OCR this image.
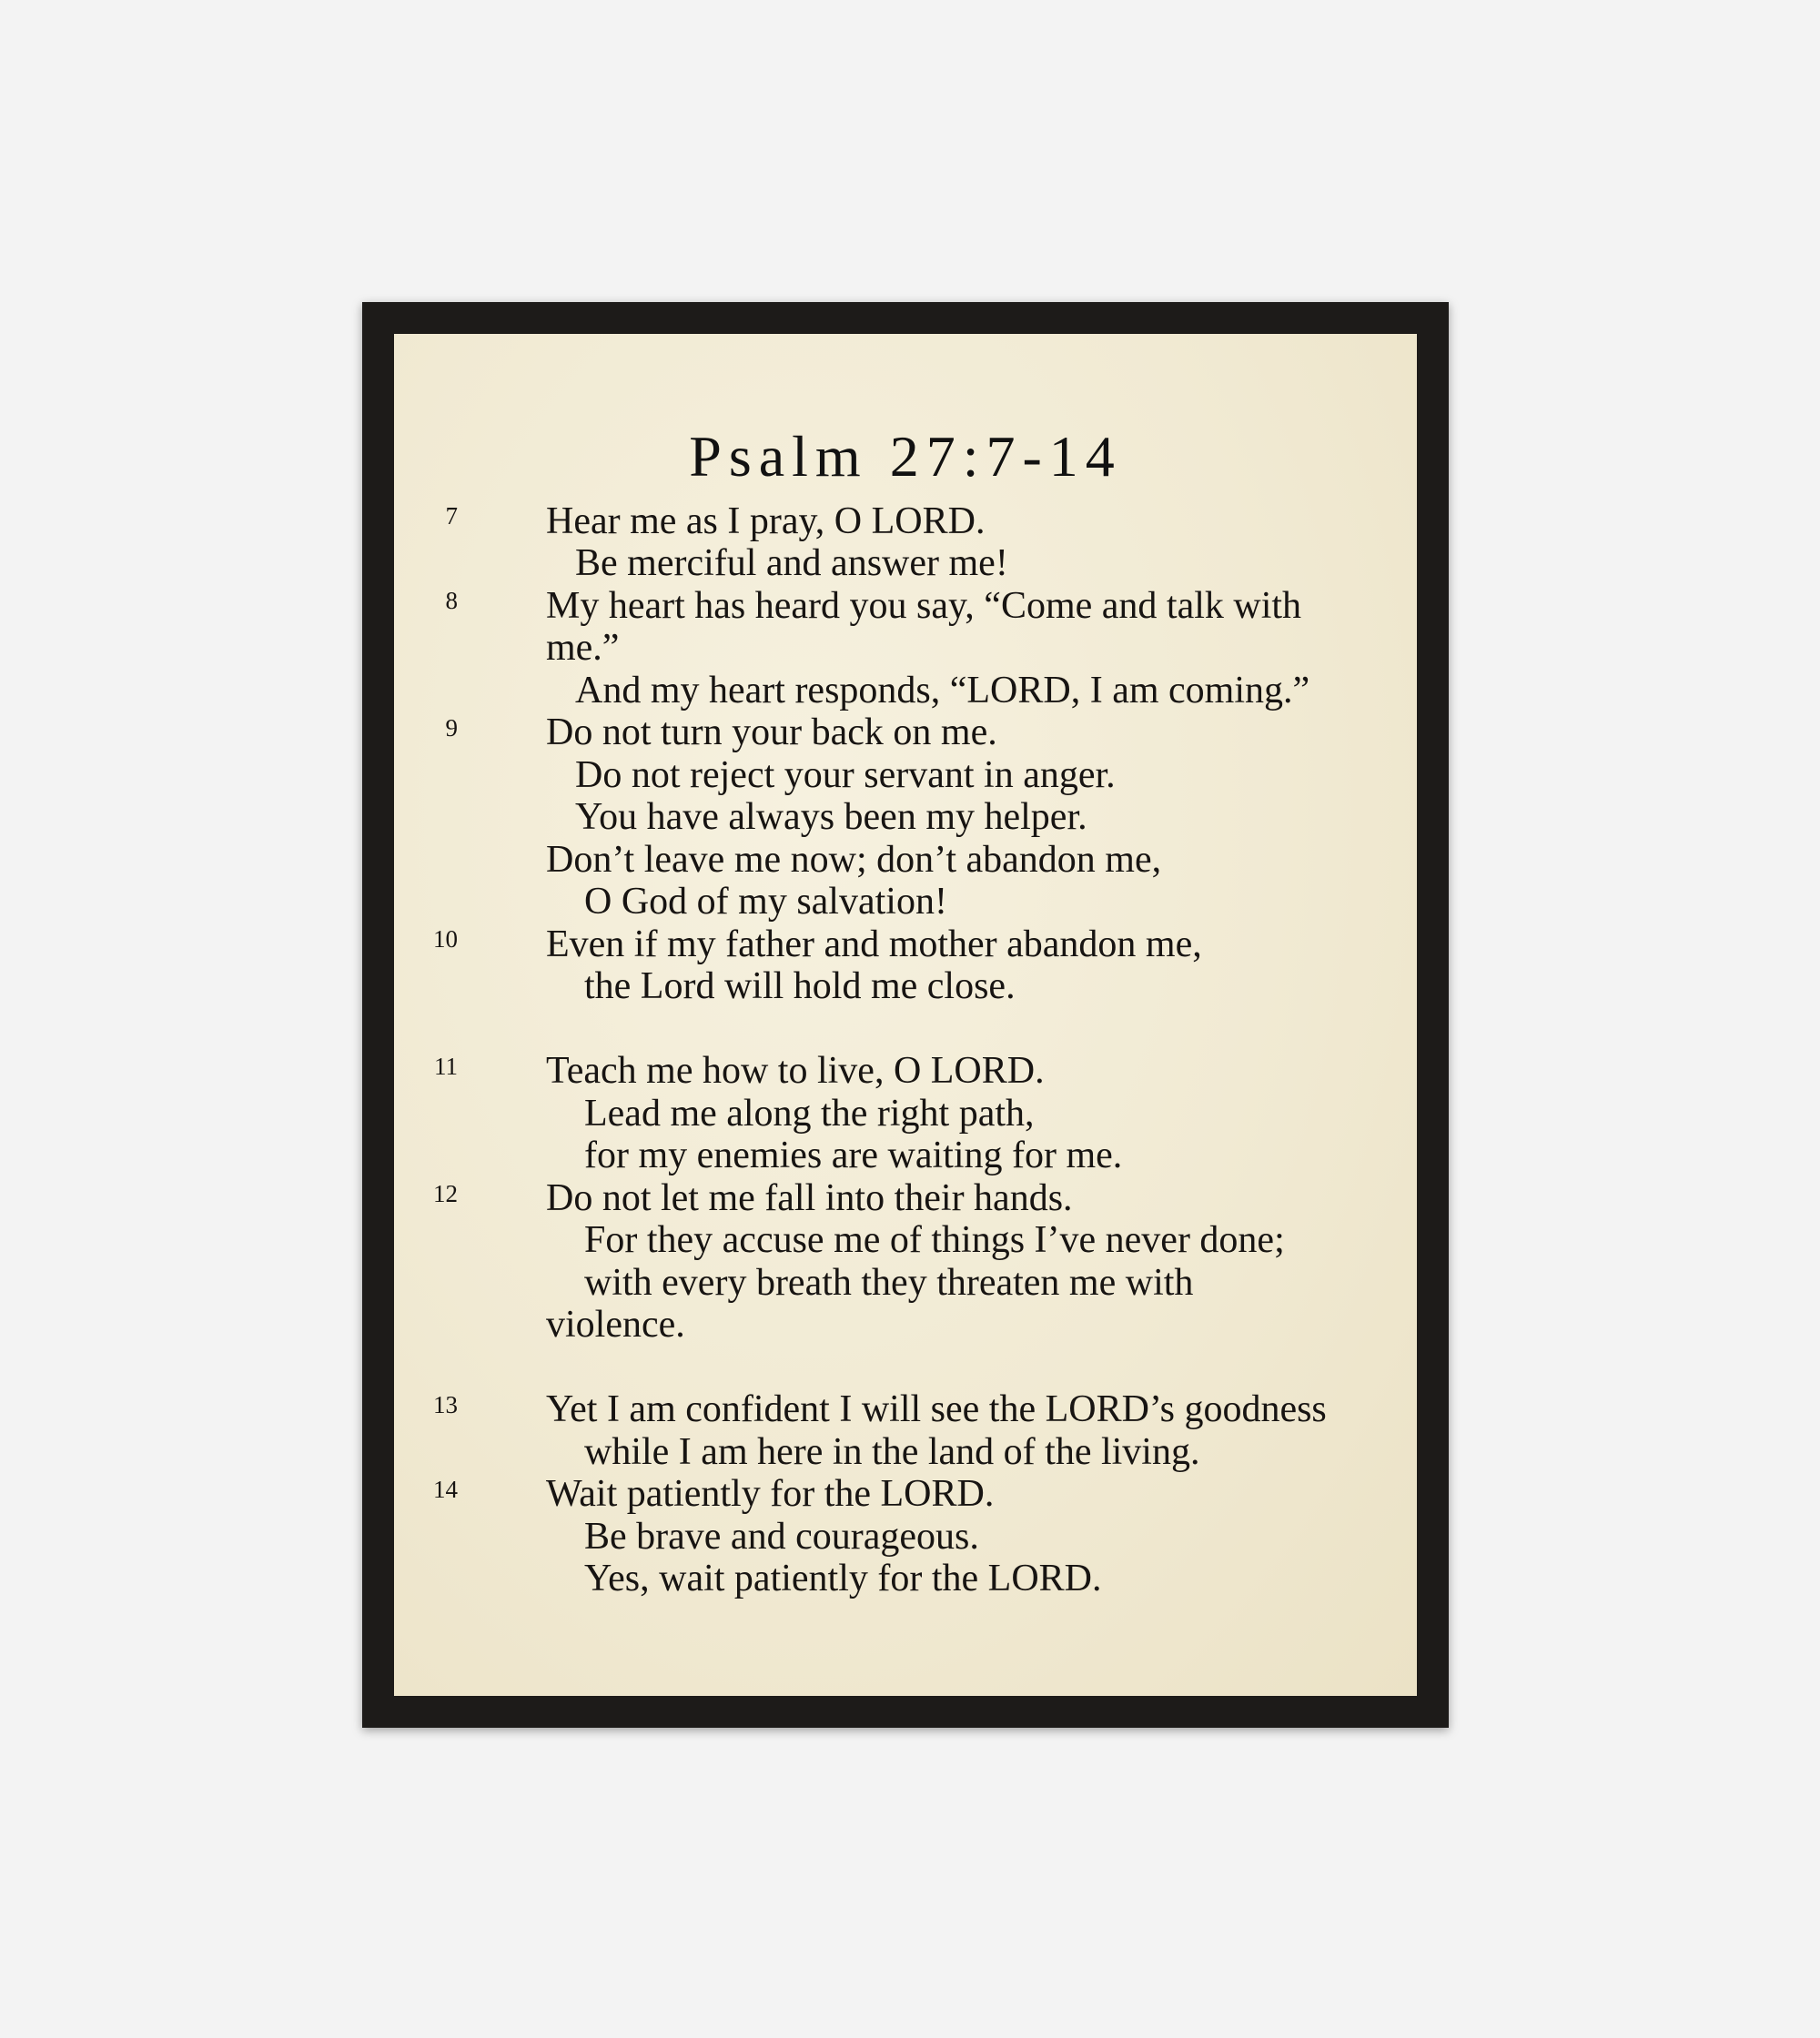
Psalm 27:7-14
7
8
9
10
11
12
13
14
Hear me as I pray, O LORD.
Be merciful and answer me!
My heart has heard you say, “Come and talk with
me.”
And my heart responds, “LORD, I am coming.”
Do not turn your back on me.
Do not reject your servant in anger.
You have always been my helper.
Don’t leave me now; don’t abandon me,
O God of my salvation!
Even if my father and mother abandon me,
the Lord will hold me close.
Teach me how to live, O LORD.
Lead me along the right path,
for my enemies are waiting for me.
Do not let me fall into their hands.
For they accuse me of things I’ve never done;
with every breath they threaten me with
violence.
Yet I am confident I will see the LORD’s goodness
while I am here in the land of the living.
Wait patiently for the LORD.
Be brave and courageous.
Yes, wait patiently for the LORD.
